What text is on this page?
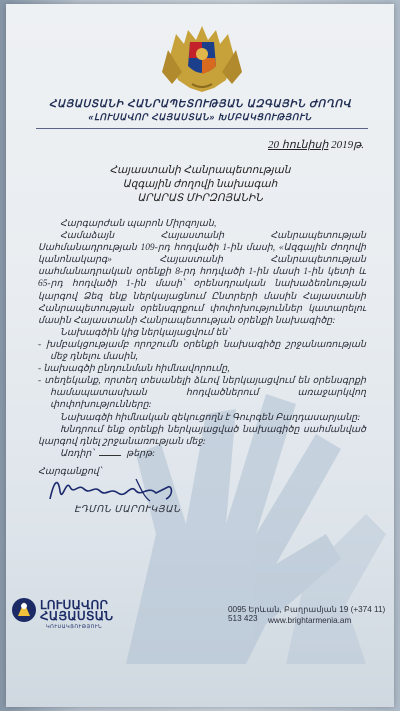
ՀԱՅԱՍՏԱՆԻ ՀԱՆՐԱՊԵՏՈՒԹՅԱՆ ԱԶԳԱՅԻՆ ԺՈՂՈՎ
«ԼՈՒՍԱՎՈՐ ՀԱՅԱՍՏԱՆ» ԽՄԲԱԿՑՈՒԹՅՈՒՆ
20 հունիսի 2019թ.
Հայաստանի Հանրապետության
Ազգային ժողովի նախագահ
ԱՐԱՐԱՏ ՄԻՐԶՈՅԱՆԻՆ
Հարգարժան պարոն Միրզոյան,
Համաձայն Հայաստանի Հանրապետության Սահմանադրության 109-րդ հոդվածի 1-ին մասի, «Ազգային ժողովի կանոնակարգ» Հայաստանի Հանրապետության սահմանադրական օրենքի 8-րդ հոդվածի 1-ին մասի 1-ին կետի և 65-րդ հոդվածի 1-ին մասի՝ օրենսդրական նախաձեռնության կարգով Ձեզ ենք ներկայացնում Ընտրերի մասին Հայաստանի Հանրապետության օրենսգրքում փոփոխություններ կատարելու մասին Հայաստանի Հանրապետության օրենքի նախագիծը:
Նախագծին կից ներկայացվում են՝
- խմբակցությամբ որոշումն օրենքի նախագիծը շրջանառության մեջ դնելու մասին,
- նախագծի ընդունման հիմնավորումը,
- տեղեկանք, որտեղ տեսանելի ձևով ներկայացվում են օրենսգրքի համապատասխան հոդվածներում առաջարկվող փոփոխությունները:
Նախագծի հիմնական զեկուցողն է Գուրգեն Բաղդասարյանը:
Խնդրում ենք օրենքի ներկայացված նախագիծը սահմանված կարգով դնել շրջանառության մեջ:
Առդիր՝	թերթ:
Հարգանքով՝
ԷԴՄՈՆ ՄԱՐՈՒԿՅԱՆ
ԼՈՒՍԱՎՈՐ
ՀԱՅԱՍՏԱՆ
ԿՈՒՍԱԿՑՈՒԹՅՈՒՆ
0095 Երևան, Բաղրամյան 19 (+374 11) 513 423	www.brightarmenia.am
